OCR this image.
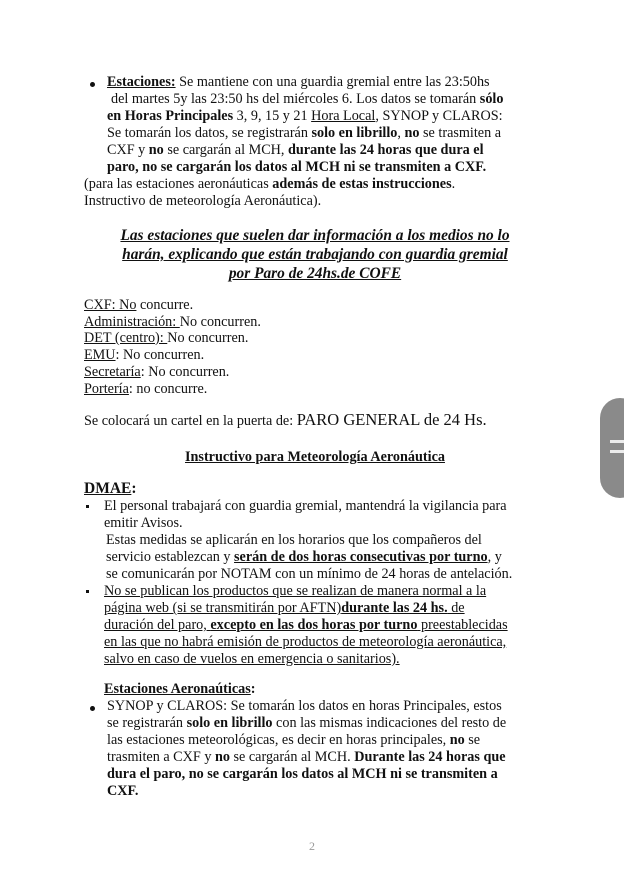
Estaciones: Se mantiene con una guardia gremial entre las 23:50hs
del martes 5y las 23:50 hs del miércoles 6. Los datos se tomarán sólo
en Horas Principales 3, 9, 15 y 21 Hora Local, SYNOP y CLAROS:
Se tomarán los datos, se registrarán solo en librillo, no se trasmiten a
CXF y no se cargarán al MCH, durante las 24 horas que dura el
paro, no se cargarán los datos al MCH ni se transmiten a CXF.
(para las estaciones aeronáuticas además de estas instrucciones.
Instructivo de meteorología Aeronáutica).
Las estaciones que suelen dar información a los medios no lo
harán, explicando que están trabajando con guardia gremial
por Paro de 24hs.de COFE
CXF: No concurre.
Administración: No concurren.
DET (centro): No concurren.
EMU: No concurren.
Secretaría: No concurren.
Portería: no concurre.
Se colocará un cartel en la puerta de: PARO GENERAL de 24 Hs.
Instructivo para Meteorología Aeronáutica
DMAE:
El personal trabajará con guardia gremial, mantendrá la vigilancia para
emitir Avisos.
Estas medidas se aplicarán en los horarios que los compañeros del
servicio establezcan y serán de dos horas consecutivas por turno, y
se comunicarán por NOTAM con un mínimo de 24 horas de antelación.
No se publican los productos que se realizan de manera normal a la
página web (si se transmitirán por AFTN)durante las 24 hs. de
duración del paro, excepto en las dos horas por turno preestablecidas
en las que no habrá emisión de productos de meteorología aeronáutica,
salvo en caso de vuelos en emergencia o sanitarios).
Estaciones Aeronaúticas:
SYNOP y CLAROS: Se tomarán los datos en horas Principales, estos
se registrarán solo en librillo con las mismas indicaciones del resto de
las estaciones meteorológicas, es decir en horas principales, no se
trasmiten a CXF y no se cargarán al MCH. Durante las 24 horas que
dura el paro, no se cargarán los datos al MCH ni se transmiten a
CXF.
2
